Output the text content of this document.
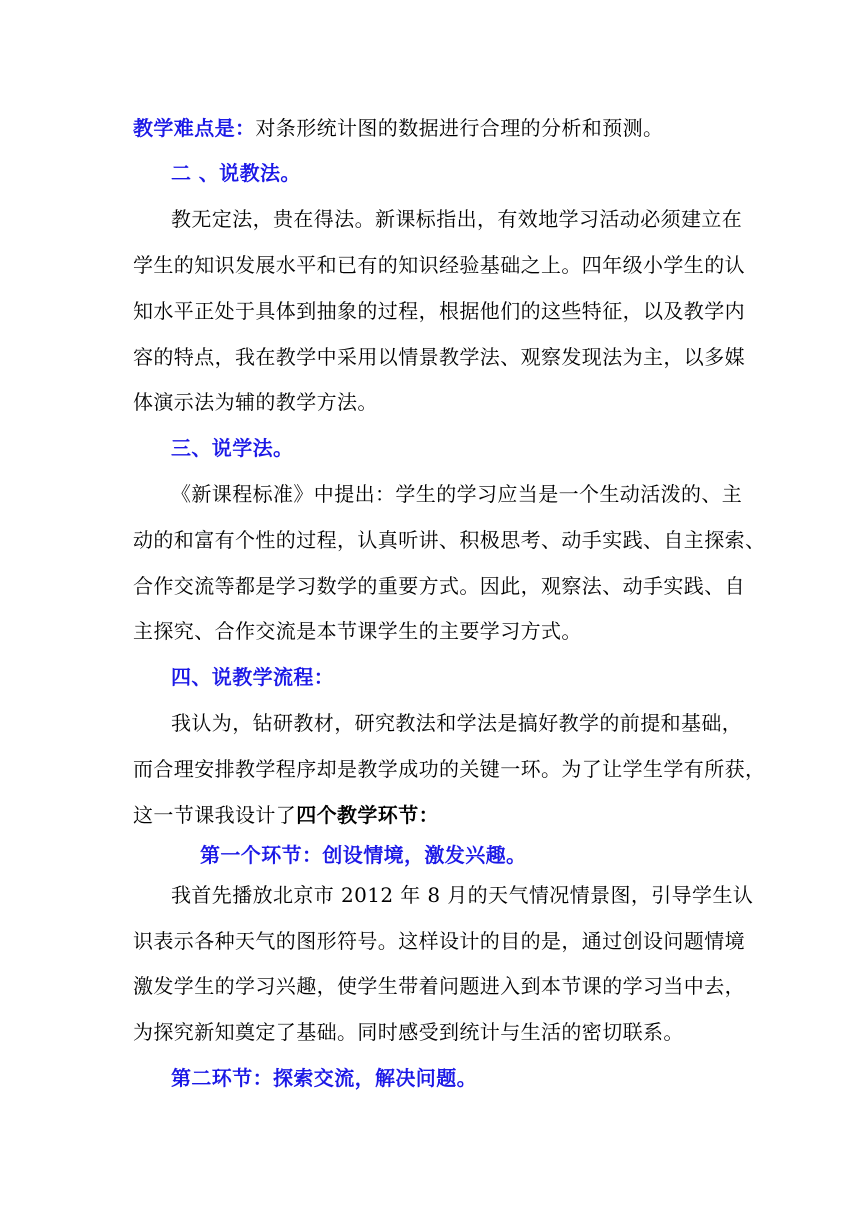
教学难点是：对条形统计图的数据进行合理的分析和预测。
二 、说教法。
教无定法，贵在得法。新课标指出，有效地学习活动必须建立在
学生的知识发展水平和已有的知识经验基础之上。四年级小学生的认
知水平正处于具体到抽象的过程，根据他们的这些特征，以及教学内
容的特点，我在教学中采用以情景教学法、观察发现法为主，以多媒
体演示法为辅的教学方法。
三、说学法。
《新课程标准》中提出：学生的学习应当是一个生动活泼的、主
动的和富有个性的过程，认真听讲、积极思考、动手实践、自主探索、
合作交流等都是学习数学的重要方式。因此，观察法、动手实践、自
主探究、合作交流是本节课学生的主要学习方式。
四、说教学流程：
我认为，钻研教材，研究教法和学法是搞好教学的前提和基础，
而合理安排教学程序却是教学成功的关键一环。为了让学生学有所获，
这一节课我设计了四个教学环节：
第一个环节：创设情境，激发兴趣。
我首先播放北京市 2012 年 8 月的天气情况情景图，引导学生认
识表示各种天气的图形符号。这样设计的目的是，通过创设问题情境
激发学生的学习兴趣，使学生带着问题进入到本节课的学习当中去，
为探究新知奠定了基础。同时感受到统计与生活的密切联系。
第二环节：探索交流，解决问题。
